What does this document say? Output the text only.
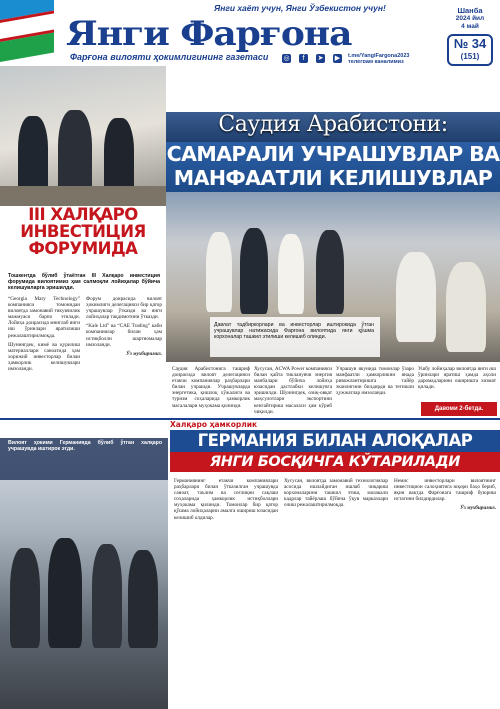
Янги хаёт учун, Янги Ўзбекистон учун!
Янги Фарғона
Фарғона вилояти ҳокимлигининг газетаси ◎	f	➤ ▶	t.me/YangiFargona2023
телеграм каналимиз
Шанба
2024 йил
4 май
№ 34
(151)
III ХАЛҚАРО
ИНВЕСТИЦИЯ
ФОРУМИДА
Тошкентда бўлиб ўтаётган III Халқаро инвестиция форумида вилоятимиз ҳам салмоқли лойиҳалар бўйича келишувларга эришилди.

“Georgia Mary Technology” компанияси томонидан вилоятда замонавий тикувчилик мажмуаси барпо этилади. Лойиҳа доирасида минглаб янги иш ўринлари яратилиши режалаштирилмоқда.

Шунингдек, кимё ва қурилиш материаллари саноатида ҳам хорижий инвесторлар билан ҳамкорлик келишувлари имзоланди.

Форум доирасида вилоят ҳокимлиги делегацияси бир қатор учрашувлар ўтказди ва янги лойиҳалар тақдимотини ўтказди.

“Kale Ltd” ва “CAE Trading” каби компаниялар билан ҳам истиқболли шартномалар имзоланди.

Ўз мухбиримиз.

Саудия Арабистони:
САМАРАЛИ УЧРАШУВЛАР ВА
МАНФААТЛИ КЕЛИШУВЛАР
Давлат тадбиркорлари ва инвесторлар иштирокида ўтган учрашувлар натижасида Фарғона вилоятида янги қўшма корхоналар ташкил этилиши келишиб олинди.
Саудия Арабистонига ташриф доирасида вилоят делегацияси етакчи компаниялар раҳбарлари билан учрашди. Учрашувларда энергетика, қишлоқ хўжалиги ва туризм соҳаларида ҳамкорлик масалалари муҳокама қилинди.
Хусусан, ACWA Power компанияси билан қайта тикланувчи энергия манбалари бўйича лойиҳа юзасидан дастлабки келишувга эришилди. Шунингдек, озиқ-овқат маҳсулотлари экспортини кенгайтириш масаласи ҳам кўриб чиқилди.
Учрашув якунида томонлар ўзаро манфаатли ҳамкорликни янада ривожлантиришга тайёр эканлигини билдирди ва тегишли ҳужжатлар имзоланди.
Ушбу лойиҳалар вилоятда янги иш ўринлари яратиш ҳамда аҳоли даромадларини оширишга хизмат қилади.
Давоми 2-бетда.
Вилоят ҳокими Германияда бўлиб ўтган халқаро учрашувда иштирок этди.
Халқаро ҳамкорлик
ГЕРМАНИЯ БИЛАН АЛОҚАЛАР
ЯНГИ БОСҚИЧГА КЎТАРИЛАДИ
Германиянинг етакчи компаниялари раҳбарлари билан ўтказилган учрашувда саноат, таълим ва соғлиқни сақлаш соҳаларида ҳамкорлик истиқболлари муҳокама қилинди. Томонлар бир қатор қўшма лойиҳаларни амалга ошириш юзасидан келишиб олдилар.
Хусусан, вилоятда замонавий технологиялар асосида ишлайдиган ишлаб чиқариш корхоналарини ташкил этиш, малакали кадрлар тайёрлаш бўйича ўқув марказлари очиш режалаштирилмоқда.

Немис инвесторлари вилоятнинг инвестицион салоҳиятига юқори баҳо бериб, яқин вақтда Фарғонага ташриф буюриш истагини билдирдилар.

Ўз мухбиримиз.
